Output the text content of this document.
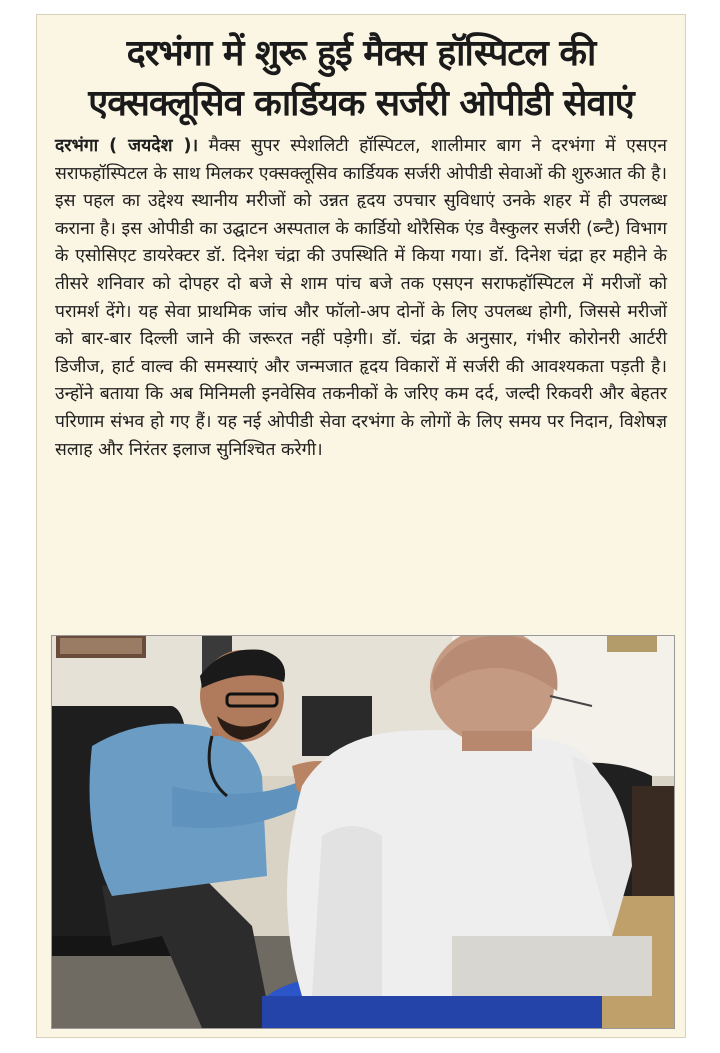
दरभंगा में शुरू हुई मैक्स हॉस्पिटल की
एक्सक्लूसिव कार्डियक सर्जरी ओपीडी सेवाएं

दरभंगा ( जयदेश )। मैक्स सुपर स्पेशलिटी हॉस्पिटल, शालीमार बाग ने दरभंगा में एसएन सराफहॉस्पिटल के साथ मिलकर एक्सक्लूसिव कार्डियक सर्जरी ओपीडी सेवाओं की शुरुआत की है। इस पहल का उद्देश्य स्थानीय मरीजों को उन्नत हृदय उपचार सुविधाएं उनके शहर में ही उपलब्ध कराना है। इस ओपीडी का उद्घाटन अस्पताल के कार्डियो थोरैसिक एंड वैस्कुलर सर्जरी (ब्न्टै) विभाग के एसोसिएट डायरेक्टर डॉ. दिनेश चंद्रा की उपस्थिति में किया गया। डॉ. दिनेश चंद्रा हर महीने के तीसरे शनिवार को दोपहर दो बजे से शाम पांच बजे तक एसएन सराफहॉस्पिटल में मरीजों को परामर्श देंगे। यह सेवा प्राथमिक जांच और फॉलो-अप दोनों के लिए उपलब्ध होगी, जिससे मरीजों को बार-बार दिल्ली जाने की जरूरत नहीं पड़ेगी। डॉ. चंद्रा के अनुसार, गंभीर कोरोनरी आर्टरी डिजीज, हार्ट वाल्व की समस्याएं और जन्मजात हृदय विकारों में सर्जरी की आवश्यकता पड़ती है। उन्होंने बताया कि अब मिनिमली इनवेसिव तकनीकों के जरिए कम दर्द, जल्दी रिकवरी और बेहतर परिणाम संभव हो गए हैं। यह नई ओपीडी सेवा दरभंगा के लोगों के लिए समय पर निदान, विशेषज्ञ सलाह और निरंतर इलाज सुनिश्चित करेगी।
